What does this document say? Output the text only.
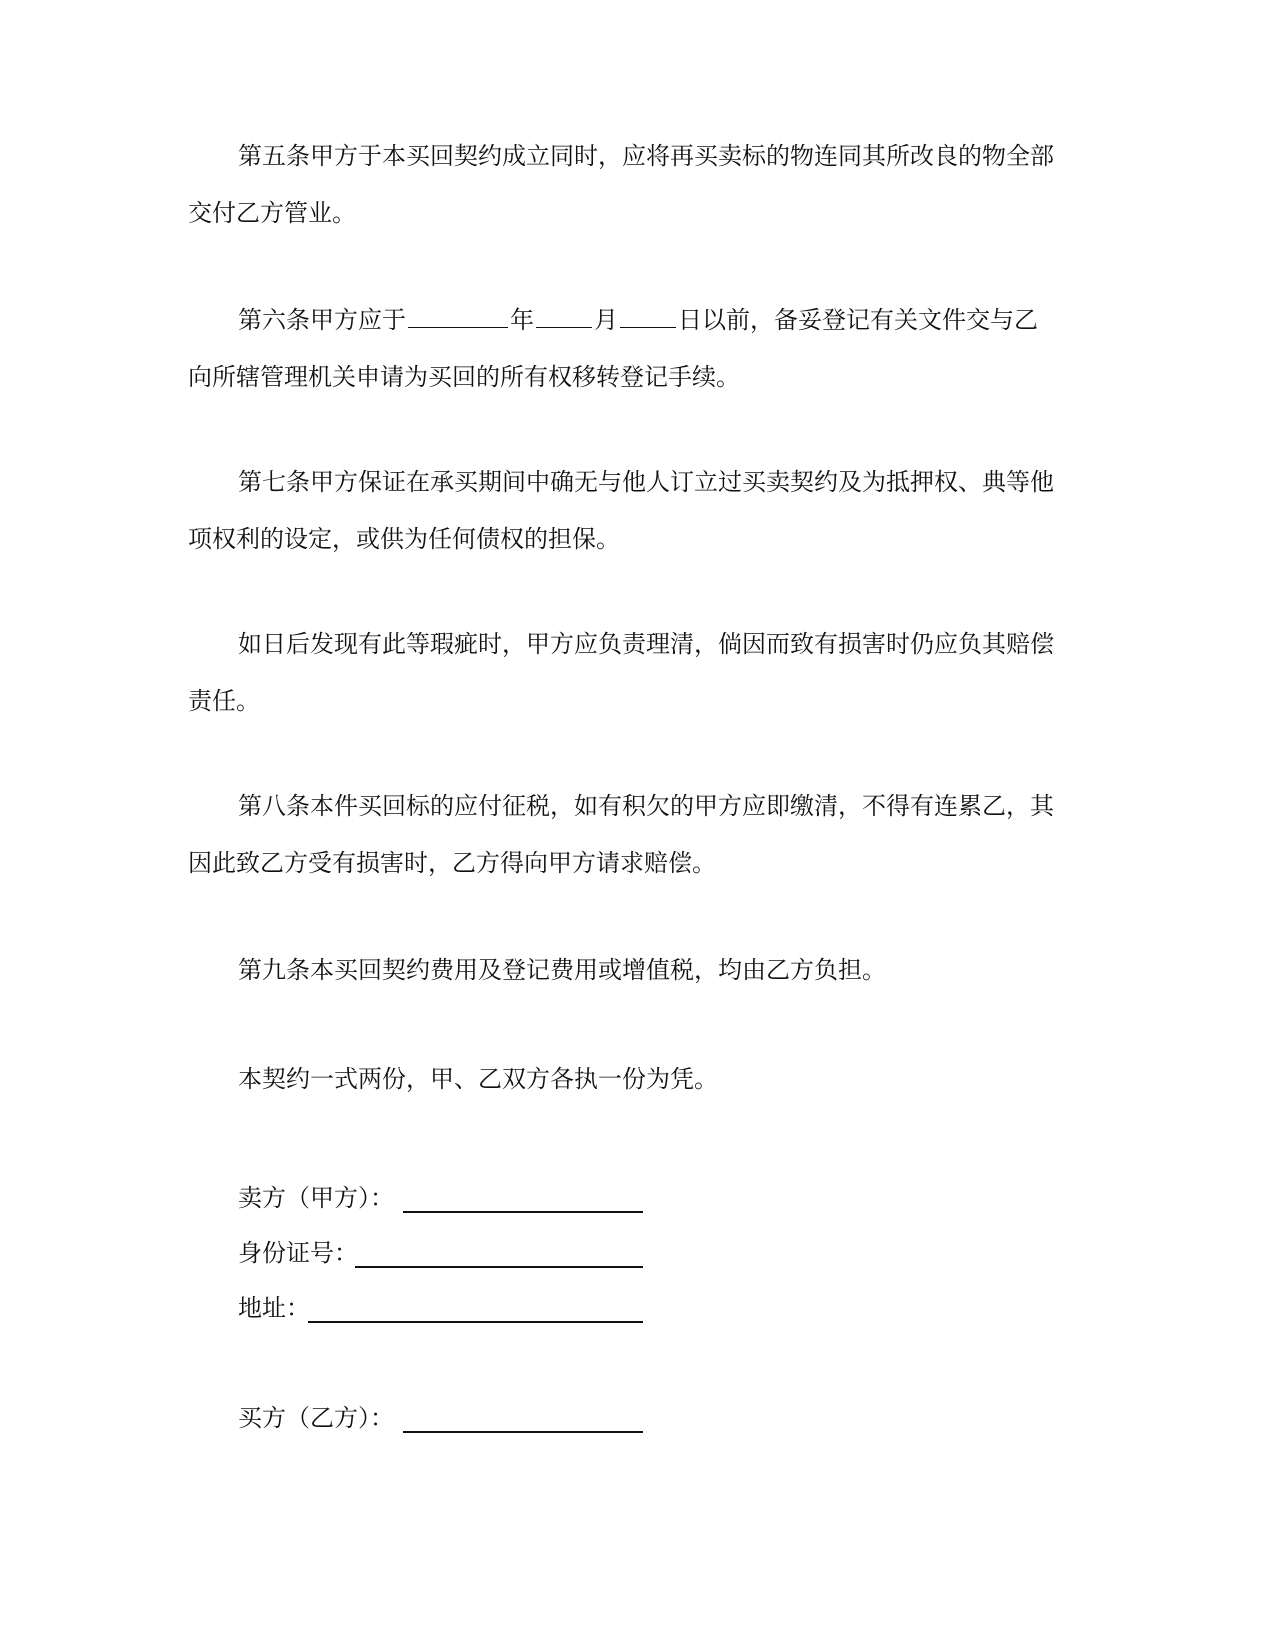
第五条甲方于本买回契约成立同时，应将再买卖标的物连同其所改良的物全部
交付乙方管业。
第六条甲方应于	年	月	日以前，备妥登记有关文件交与乙
向所辖管理机关申请为买回的所有权移转登记手续。
第七条甲方保证在承买期间中确无与他人订立过买卖契约及为抵押权、典等他
项权利的设定，或供为任何债权的担保。
如日后发现有此等瑕疵时，甲方应负责理清，倘因而致有损害时仍应负其赔偿
责任。
第八条本件买回标的应付征税，如有积欠的甲方应即缴清，不得有连累乙，其
因此致乙方受有损害时，乙方得向甲方请求赔偿。
第九条本买回契约费用及登记费用或增值税，均由乙方负担。
本契约一式两份，甲、乙双方各执一份为凭。
卖方（甲方）：
身份证号：
地址：
买方（乙方）：
